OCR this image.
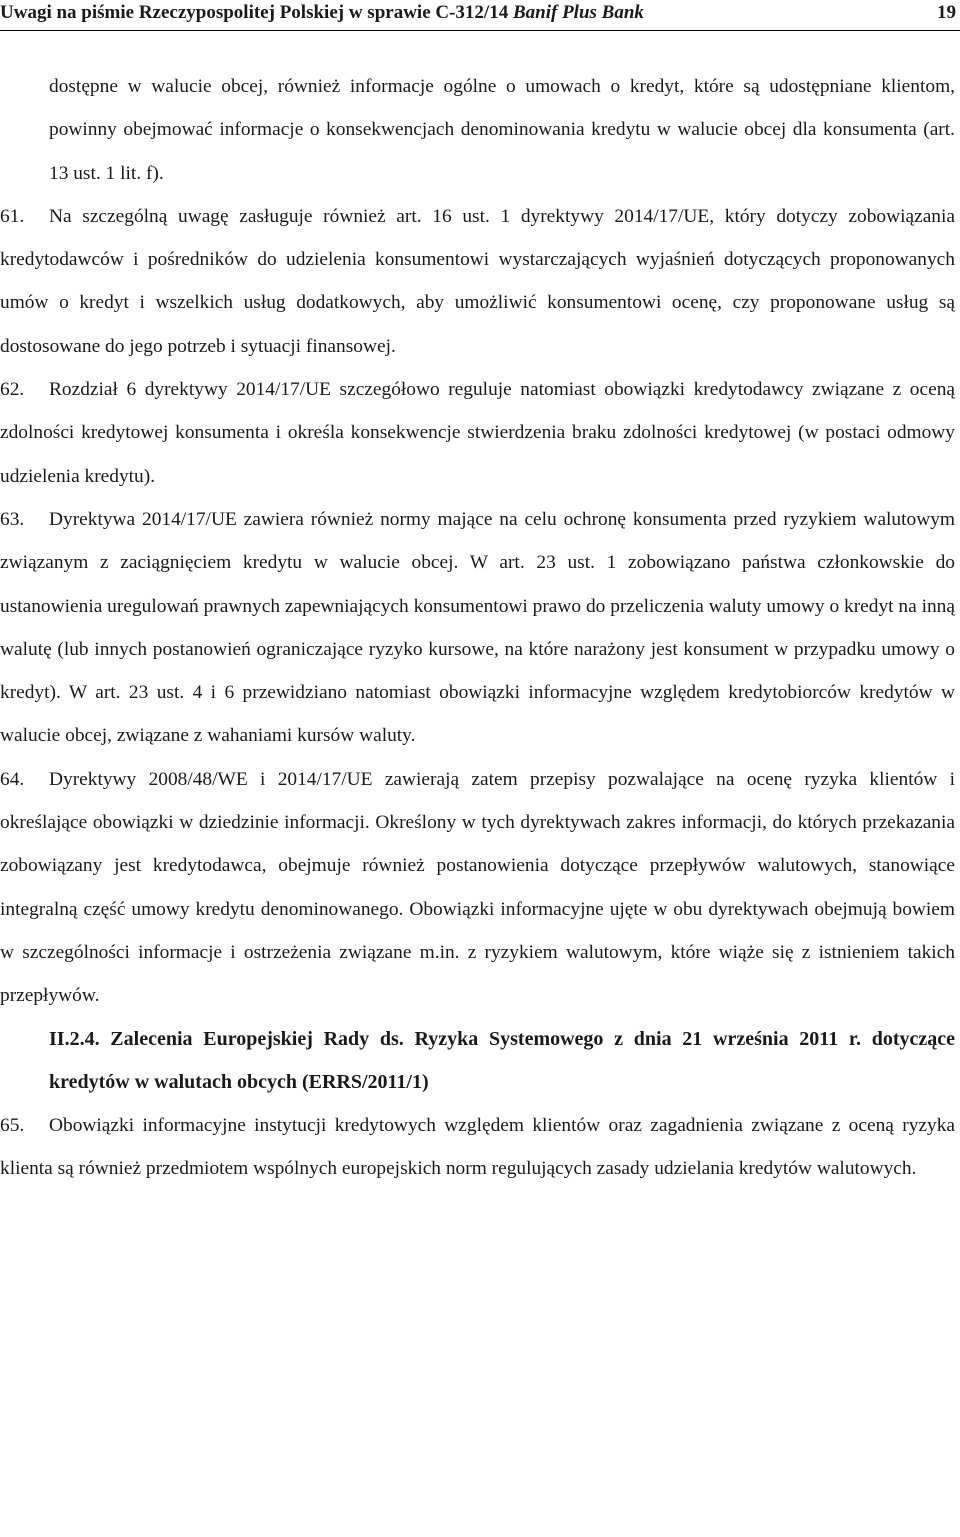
Uwagi na piśmie Rzeczypospolitej Polskiej w sprawie C-312/14 Banif Plus Bank	19

dostępne w walucie obcej, również informacje ogólne o umowach o kredyt, które są udostępniane klientom, powinny obejmować informacje o konsekwencjach denominowania kredytu w walucie obcej dla konsumenta (art. 13 ust. 1 lit. f).

61. Na szczególną uwagę zasługuje również art. 16 ust. 1 dyrektywy 2014/17/UE, który dotyczy zobowiązania kredytodawców i pośredników do udzielenia konsumentowi wystarczających wyjaśnień dotyczących proponowanych umów o kredyt i wszelkich usług dodatkowych, aby umożliwić konsumentowi ocenę, czy proponowane usług są dostosowane do jego potrzeb i sytuacji finansowej.

62. Rozdział 6 dyrektywy 2014/17/UE szczegółowo reguluje natomiast obowiązki kredytodawcy związane z oceną zdolności kredytowej konsumenta i określa konsekwencje stwierdzenia braku zdolności kredytowej (w postaci odmowy udzielenia kredytu).

63. Dyrektywa 2014/17/UE zawiera również normy mające na celu ochronę konsumenta przed ryzykiem walutowym związanym z zaciągnięciem kredytu w walucie obcej. W art. 23 ust. 1 zobowiązano państwa członkowskie do ustanowienia uregulowań prawnych zapewniających konsumentowi prawo do przeliczenia waluty umowy o kredyt na inną walutę (lub innych postanowień ograniczające ryzyko kursowe, na które narażony jest konsument w przypadku umowy o kredyt). W art. 23 ust. 4 i 6 przewidziano natomiast obowiązki informacyjne względem kredytobiorców kredytów w walucie obcej, związane z wahaniami kursów waluty.

64. Dyrektywy 2008/48/WE i 2014/17/UE zawierają zatem przepisy pozwalające na ocenę ryzyka klientów i określające obowiązki w dziedzinie informacji. Określony w tych dyrektywach zakres informacji, do których przekazania zobowiązany jest kredytodawca, obejmuje również postanowienia dotyczące przepływów walutowych, stanowiące integralną część umowy kredytu denominowanego. Obowiązki informacyjne ujęte w obu dyrektywach obejmują bowiem w szczególności informacje i ostrzeżenia związane m.in. z ryzykiem walutowym, które wiąże się z istnieniem takich przepływów.

II.2.4. Zalecenia Europejskiej Rady ds. Ryzyka Systemowego z dnia 21 września 2011 r. dotyczące kredytów w walutach obcych (ERRS/2011/1)

65. Obowiązki informacyjne instytucji kredytowych względem klientów oraz zagadnienia związane z oceną ryzyka klienta są również przedmiotem wspólnych europejskich norm regulujących zasady udzielania kredytów walutowych.
